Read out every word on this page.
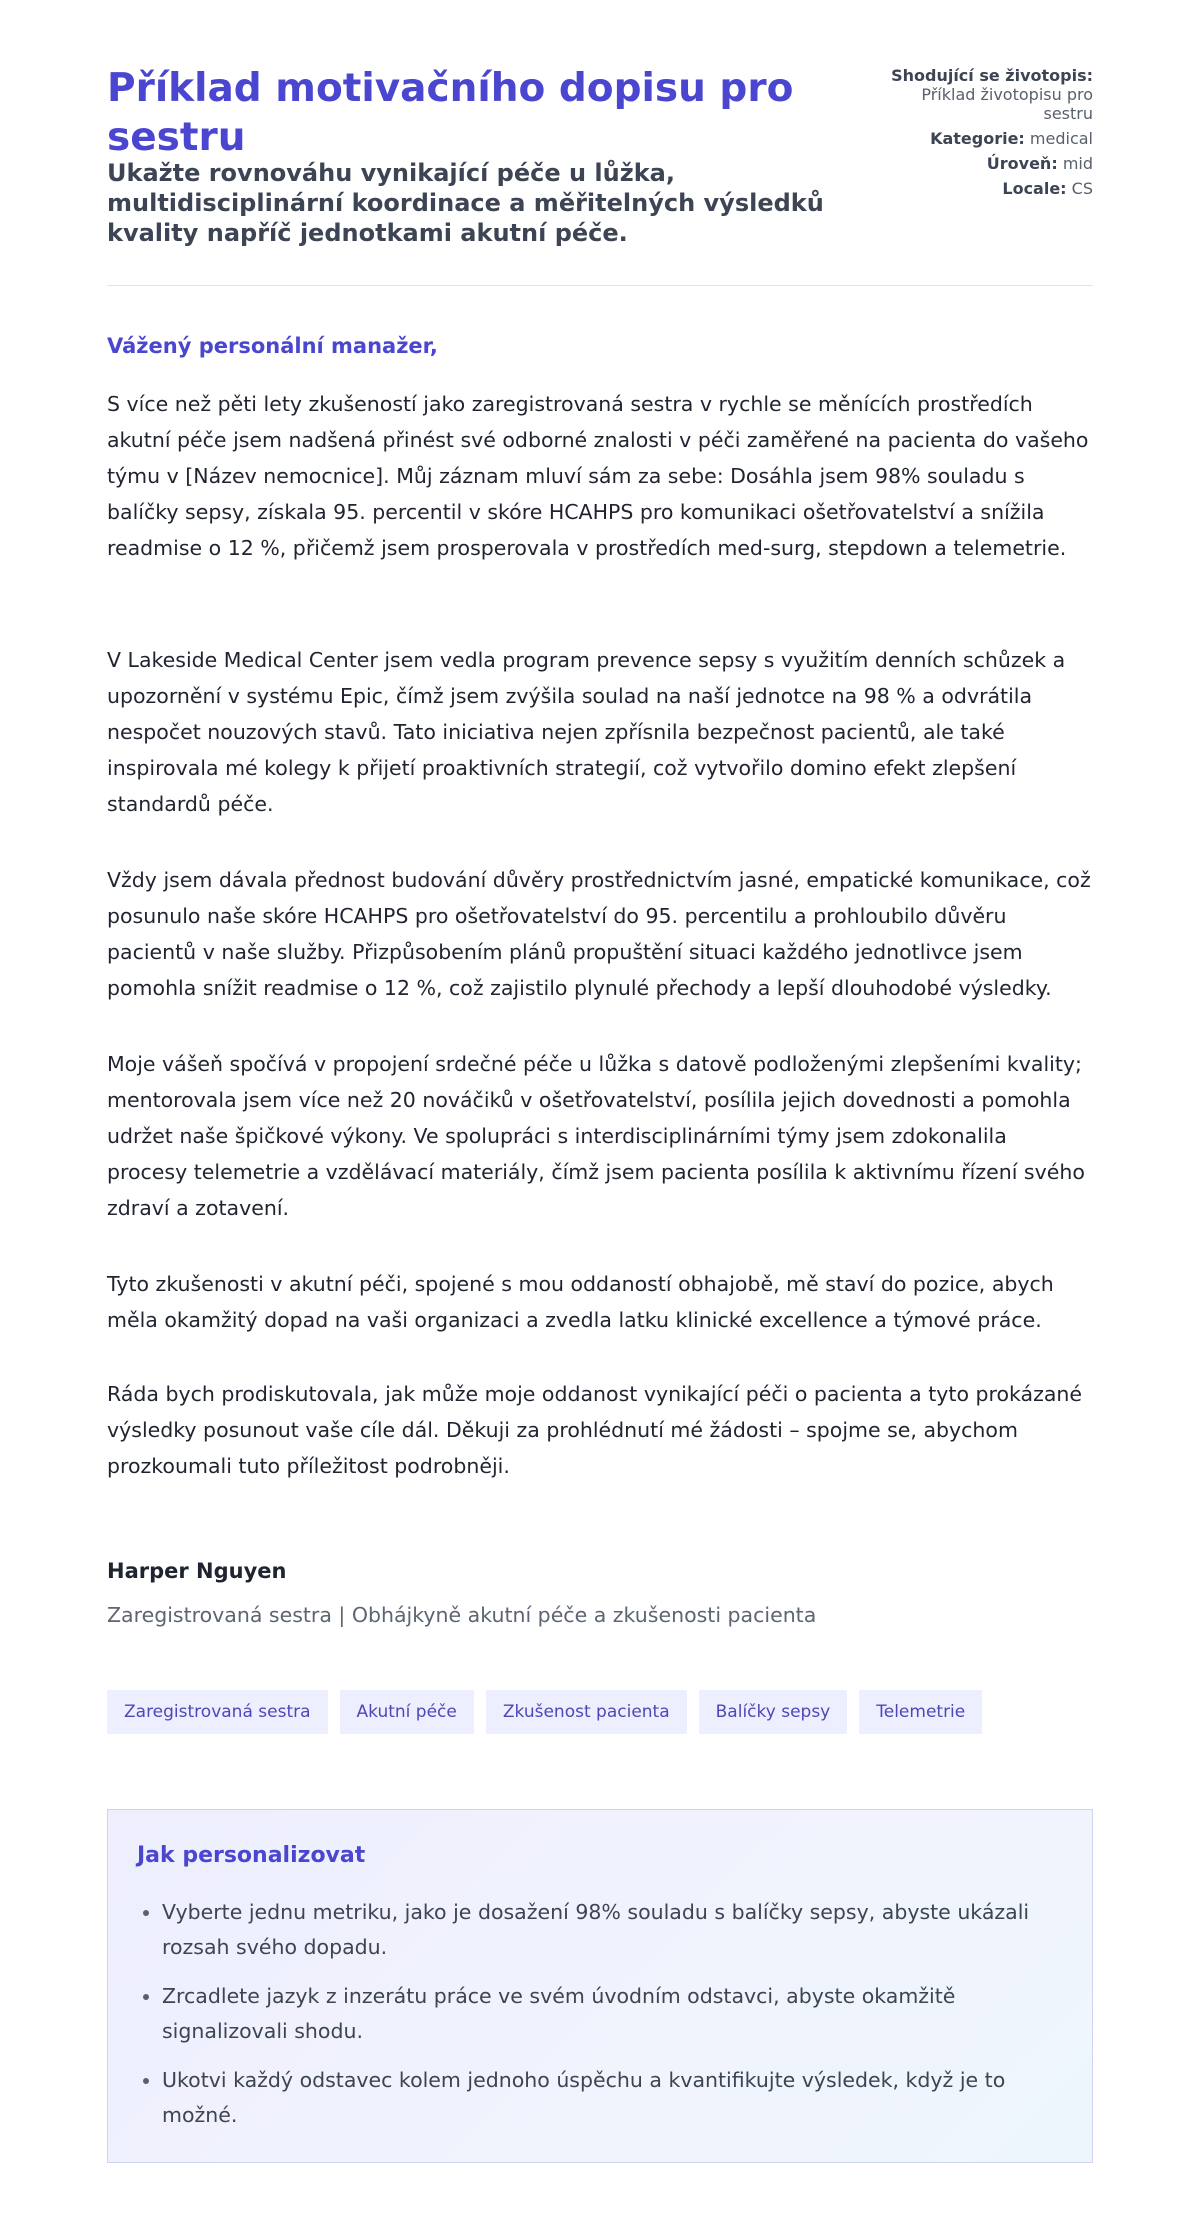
Příklad motivačního dopisu pro sestru
Ukažte rovnováhu vynikající péče u lůžka, multidisciplinární koordinace a měřitelných výsledků kvality napříč jednotkami akutní péče.
Shodující se životopis: Příklad životopisu pro sestru
Kategorie: medical
Úroveň: mid
Locale: CS

Vážený personální manažer,

S více než pěti lety zkušeností jako zaregistrovaná sestra v rychle se měnících prostředích akutní péče jsem nadšená přinést své odborné znalosti v péči zaměřené na pacienta do vašeho týmu v [Název nemocnice]. Můj záznam mluví sám za sebe: Dosáhla jsem 98% souladu s balíčky sepsy, získala 95. percentil v skóre HCAHPS pro komunikaci ošetřovatelství a snížila readmise o 12 %, přičemž jsem prosperovala v prostředích med-surg, stepdown a telemetrie.

V Lakeside Medical Center jsem vedla program prevence sepsy s využitím denních schůzek a upozornění v systému Epic, čímž jsem zvýšila soulad na naší jednotce na 98 % a odvrátila nespočet nouzových stavů. Tato iniciativa nejen zpřísnila bezpečnost pacientů, ale také inspirovala mé kolegy k přijetí proaktivních strategií, což vytvořilo domino efekt zlepšení standardů péče.

Vždy jsem dávala přednost budování důvěry prostřednictvím jasné, empatické komunikace, což posunulo naše skóre HCAHPS pro ošetřovatelství do 95. percentilu a prohloubilo důvěru pacientů v naše služby. Přizpůsobením plánů propuštění situaci každého jednotlivce jsem pomohla snížit readmise o 12 %, což zajistilo plynulé přechody a lepší dlouhodobé výsledky.

Moje vášeň spočívá v propojení srdečné péče u lůžka s datově podloženými zlepšeními kvality; mentorovala jsem více než 20 nováčiků v ošetřovatelství, posílila jejich dovednosti a pomohla udržet naše špičkové výkony. Ve spolupráci s interdisciplinárními týmy jsem zdokonalila procesy telemetrie a vzdělávací materiály, čímž jsem pacienta posílila k aktivnímu řízení svého zdraví a zotavení.

Tyto zkušenosti v akutní péči, spojené s mou oddaností obhajobě, mě staví do pozice, abych měla okamžitý dopad na vaši organizaci a zvedla latku klinické excellence a týmové práce.

Ráda bych prodiskutovala, jak může moje oddanost vynikající péči o pacienta a tyto prokázané výsledky posunout vaše cíle dál. Děkuji za prohlédnutí mé žádosti – spojme se, abychom prozkoumali tuto příležitost podrobněji.

Harper Nguyen
Zaregistrovaná sestra | Obhájkyně akutní péče a zkušenosti pacienta
Zaregistrovaná sestra	Akutní péče	Zkušenost pacienta	Balíčky sepsy	Telemetrie
Jak personalizovat
• Vyberte jednu metriku, jako je dosažení 98% souladu s balíčky sepsy, abyste ukázali rozsah svého dopadu.
• Zrcadlete jazyk z inzerátu práce ve svém úvodním odstavci, abyste okamžitě signalizovali shodu.
• Ukotvi každý odstavec kolem jednoho úspěchu a kvantifikujte výsledek, když je to možné.
